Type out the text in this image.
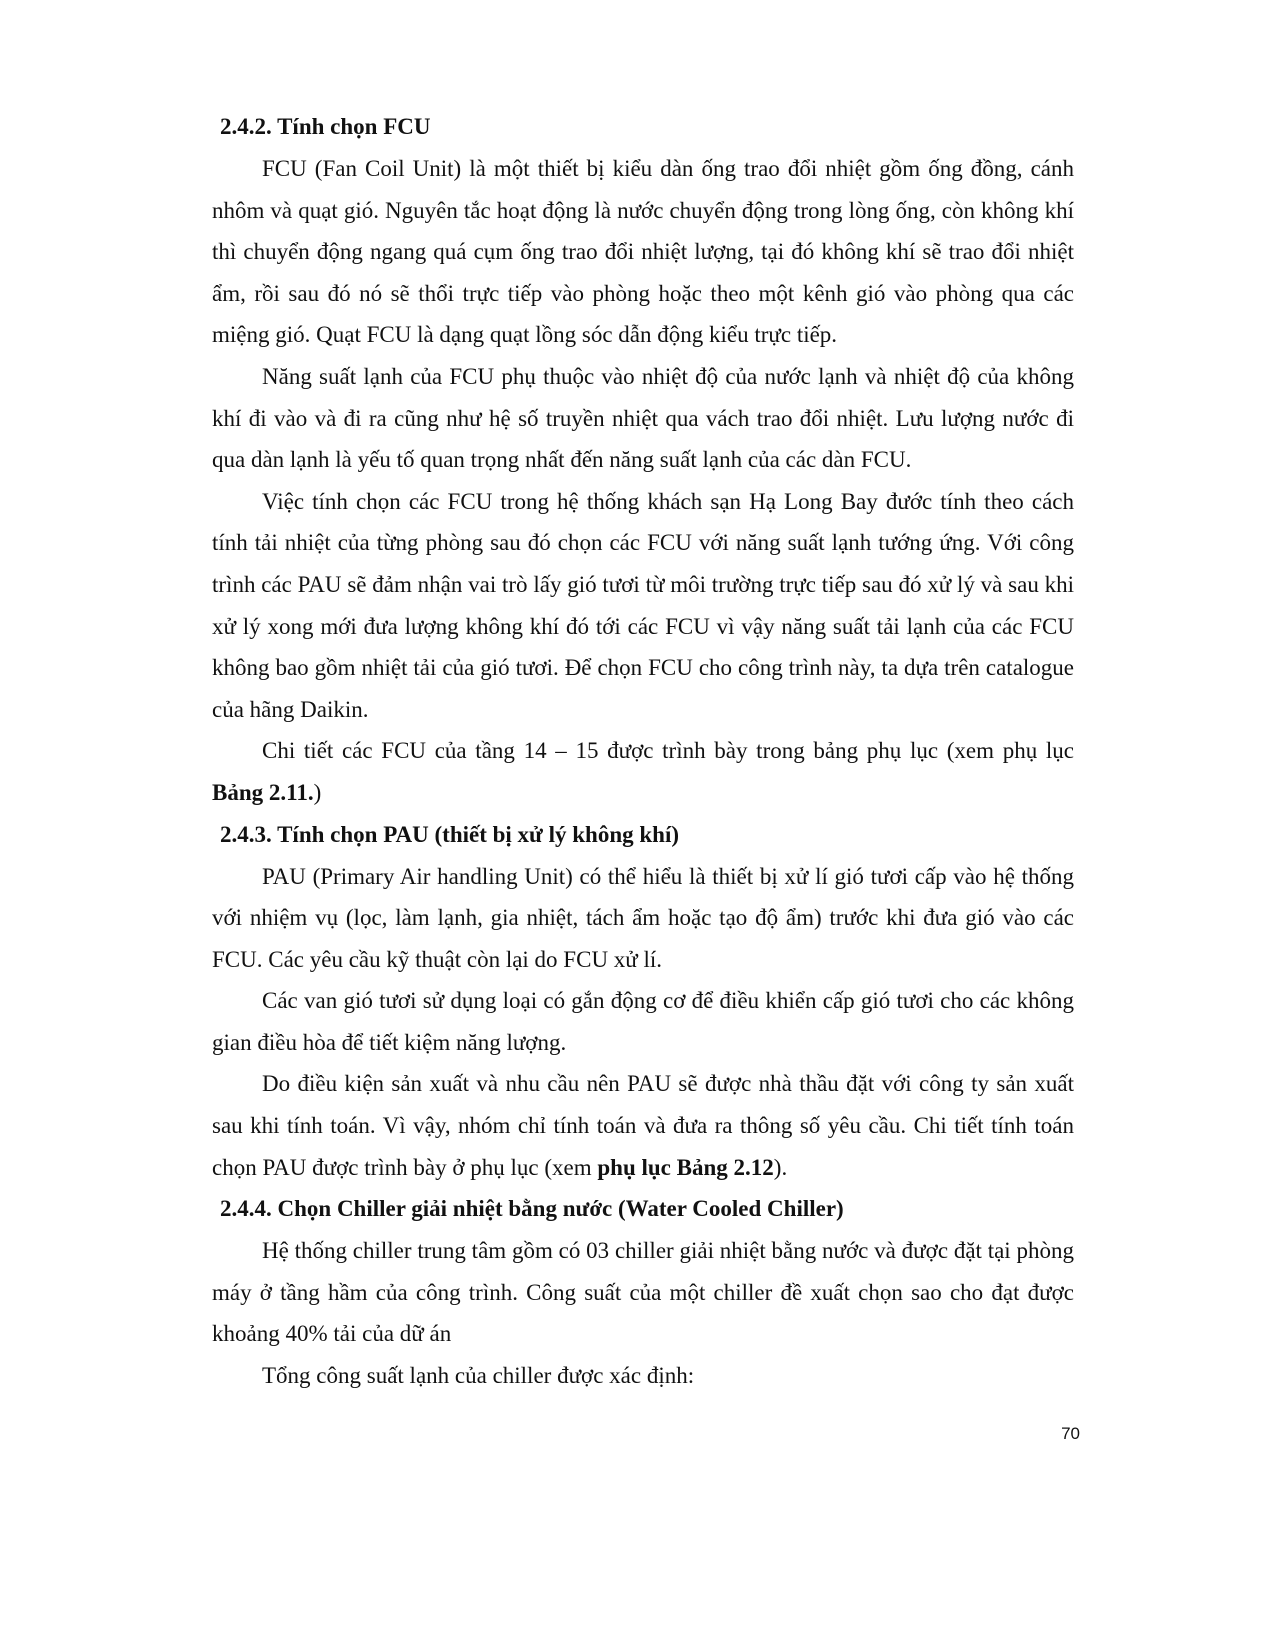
2.4.2. Tính chọn FCU

FCU (Fan Coil Unit) là một thiết bị kiểu dàn ống trao đổi nhiệt gồm ống đồng, cánh nhôm và quạt gió. Nguyên tắc hoạt động là nước chuyển động trong lòng ống, còn không khí thì chuyển động ngang quá cụm ống trao đổi nhiệt lượng, tại đó không khí sẽ trao đổi nhiệt ẩm, rồi sau đó nó sẽ thổi trực tiếp vào phòng hoặc theo một kênh gió vào phòng qua các miệng gió. Quạt FCU là dạng quạt lồng sóc dẫn động kiểu trực tiếp.

Năng suất lạnh của FCU phụ thuộc vào nhiệt độ của nước lạnh và nhiệt độ của không khí đi vào và đi ra cũng như hệ số truyền nhiệt qua vách trao đổi nhiệt. Lưu lượng nước đi qua dàn lạnh là yếu tố quan trọng nhất đến năng suất lạnh của các dàn FCU.

Việc tính chọn các FCU trong hệ thống khách sạn Hạ Long Bay đước tính theo cách tính tải nhiệt của từng phòng sau đó chọn các FCU với năng suất lạnh tướng ứng. Với công trình các PAU sẽ đảm nhận vai trò lấy gió tươi từ môi trường trực tiếp sau đó xử lý và sau khi xử lý xong mới đưa lượng không khí đó tới các FCU vì vậy năng suất tải lạnh của các FCU không bao gồm nhiệt tải của gió tươi. Để chọn FCU cho công trình này, ta dựa trên catalogue của hãng Daikin.

Chi tiết các FCU của tầng 14 – 15 được trình bày trong bảng phụ lục (xem phụ lục Bảng 2.11.)

2.4.3. Tính chọn PAU (thiết bị xử lý không khí)

PAU (Primary Air handling Unit) có thể hiểu là thiết bị xử lí gió tươi cấp vào hệ thống với nhiệm vụ (lọc, làm lạnh, gia nhiệt, tách ẩm hoặc tạo độ ẩm) trước khi đưa gió vào các FCU. Các yêu cầu kỹ thuật còn lại do FCU xử lí.

Các van gió tươi sử dụng loại có gắn động cơ để điều khiển cấp gió tươi cho các không gian điều hòa để tiết kiệm năng lượng.

Do điều kiện sản xuất và nhu cầu nên PAU sẽ được nhà thầu đặt với công ty sản xuất sau khi tính toán. Vì vậy, nhóm chỉ tính toán và đưa ra thông số yêu cầu. Chi tiết tính toán chọn PAU được trình bày ở phụ lục (xem phụ lục Bảng 2.12).

2.4.4. Chọn Chiller giải nhiệt bằng nước (Water Cooled Chiller)

Hệ thống chiller trung tâm gồm có 03 chiller giải nhiệt bằng nước và được đặt tại phòng máy ở tầng hầm của công trình. Công suất của một chiller đề xuất chọn sao cho đạt được khoảng 40% tải của dữ án

Tổng công suất lạnh của chiller được xác định:

70
